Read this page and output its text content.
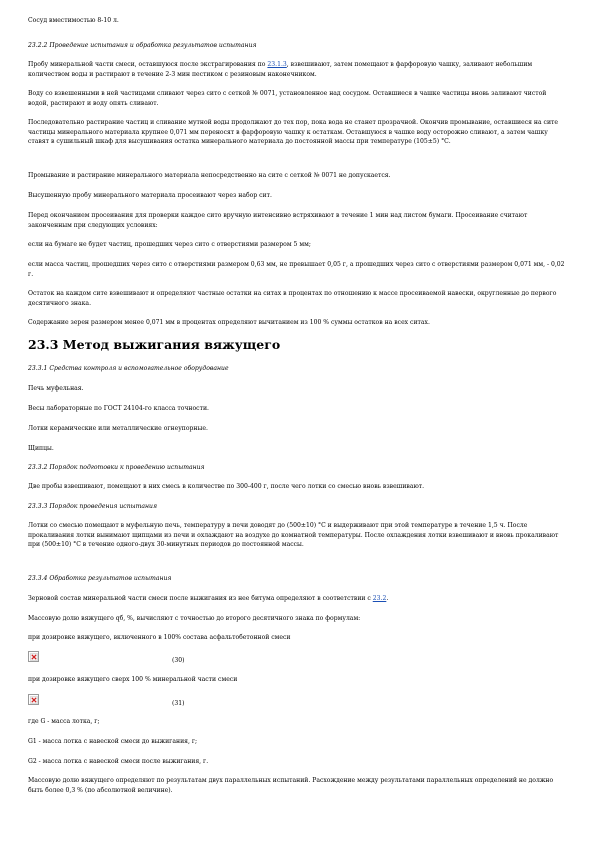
Сосуд вместимостью 8-10 л.
23.2.2 Проведение испытания и обработка результатов испытания
Пробу минеральной части смеси, оставшуюся после экстрагирования по 23.1.3, взвешивают, затем помещают в фарфоровую чашку, заливают небольшим количеством воды и растирают в течение 2-3 мин пестиком с резиновым наконечником.
Воду со взвешенными в ней частицами сливают через сито с сеткой № 0071, установленное над сосудом. Оставшиеся в чашке частицы вновь заливают чистой водой, растирают и воду опять сливают.
Последовательно растирание частиц и сливание мутной воды продолжают до тех пор, пока вода не станет прозрачной. Окончив промывание, оставшиеся на сите частицы минерального материала крупнее 0,071 мм переносят в фарфоровую чашку к остаткам. Оставшуюся в чашке воду осторожно сливают, а затем чашку ставят в сушильный шкаф для высушивания остатка минерального материала до постоянной массы при температуре (105±5) °С.
Промывание и растирание минерального материала непосредственно на сите с сеткой № 0071 не допускается.
Высушенную пробу минерального материала просеивают через набор сит.
Перед окончанием просеивания для проверки каждое сито вручную интенсивно встряхивают в течение 1 мин над листом бумаги. Просеивание считают законченным при следующих условиях:
если на бумаге не будет частиц, прошедших через сито с отверстиями размером 5 мм;
если масса частиц, прошедших через сито с отверстиями размером 0,63 мм, не превышает 0,05 г, а прошедших через сито с отверстиями размером 0,071 мм, - 0,02 г.
Остаток на каждом сите взвешивают и определяют частные остатки на ситах в процентах по отношению к массе просеиваемой навески, округленные до первого десятичного знака.
Содержание зерен размером менее 0,071 мм в процентах определяют вычитанием из 100 % суммы остатков на всех ситах.
23.3 Метод выжигания вяжущего
23.3.1 Средства контроля и вспомогательное оборудование
Печь муфельная.
Весы лабораторные по ГОСТ 24104-го класса точности.
Лотки керамические или металлические огнеупорные.
Щипцы.
23.3.2 Порядок подготовки к проведению испытания
Две пробы взвешивают, помещают в них смесь в количестве по 300-400 г, после чего лотки со смесью вновь взвешивают.
23.3.3 Порядок проведения испытания
Лотки со смесью помещают в муфельную печь, температуру в печи доводят до (500±10) °С и выдерживают при этой температуре в течение 1,5 ч. После прокаливания лотки вынимают щипцами из печи и охлаждают на воздухе до комнатной температуры. После охлаждения лотки взвешивают и вновь прокаливают при (500±10) °С в течение одного-двух 30-минутных периодов до постоянной массы.
23.3.4 Обработка результатов испытания
Зерновой состав минеральной части смеси после выжигания из нее битума определяют в соответствии с 23.2.
Массовую долю вяжущего qб, %, вычисляют с точностью до второго десятичного знака по формулам:
при дозировке вяжущего, включенного в 100% состава асфальтобетонной смеси
(30)
при дозировке вяжущего сверх 100 % минеральной части смеси
(31)
где G - масса лотка, г;
G1 - масса лотка с навеской смеси до выжигания, г;
G2 - масса лотка с навеской смеси после выжигания, г.
Массовую долю вяжущего определяют по результатам двух параллельных испытаний. Расхождение между результатами параллельных определений не должно быть более 0,3 % (по абсолютной величине).
